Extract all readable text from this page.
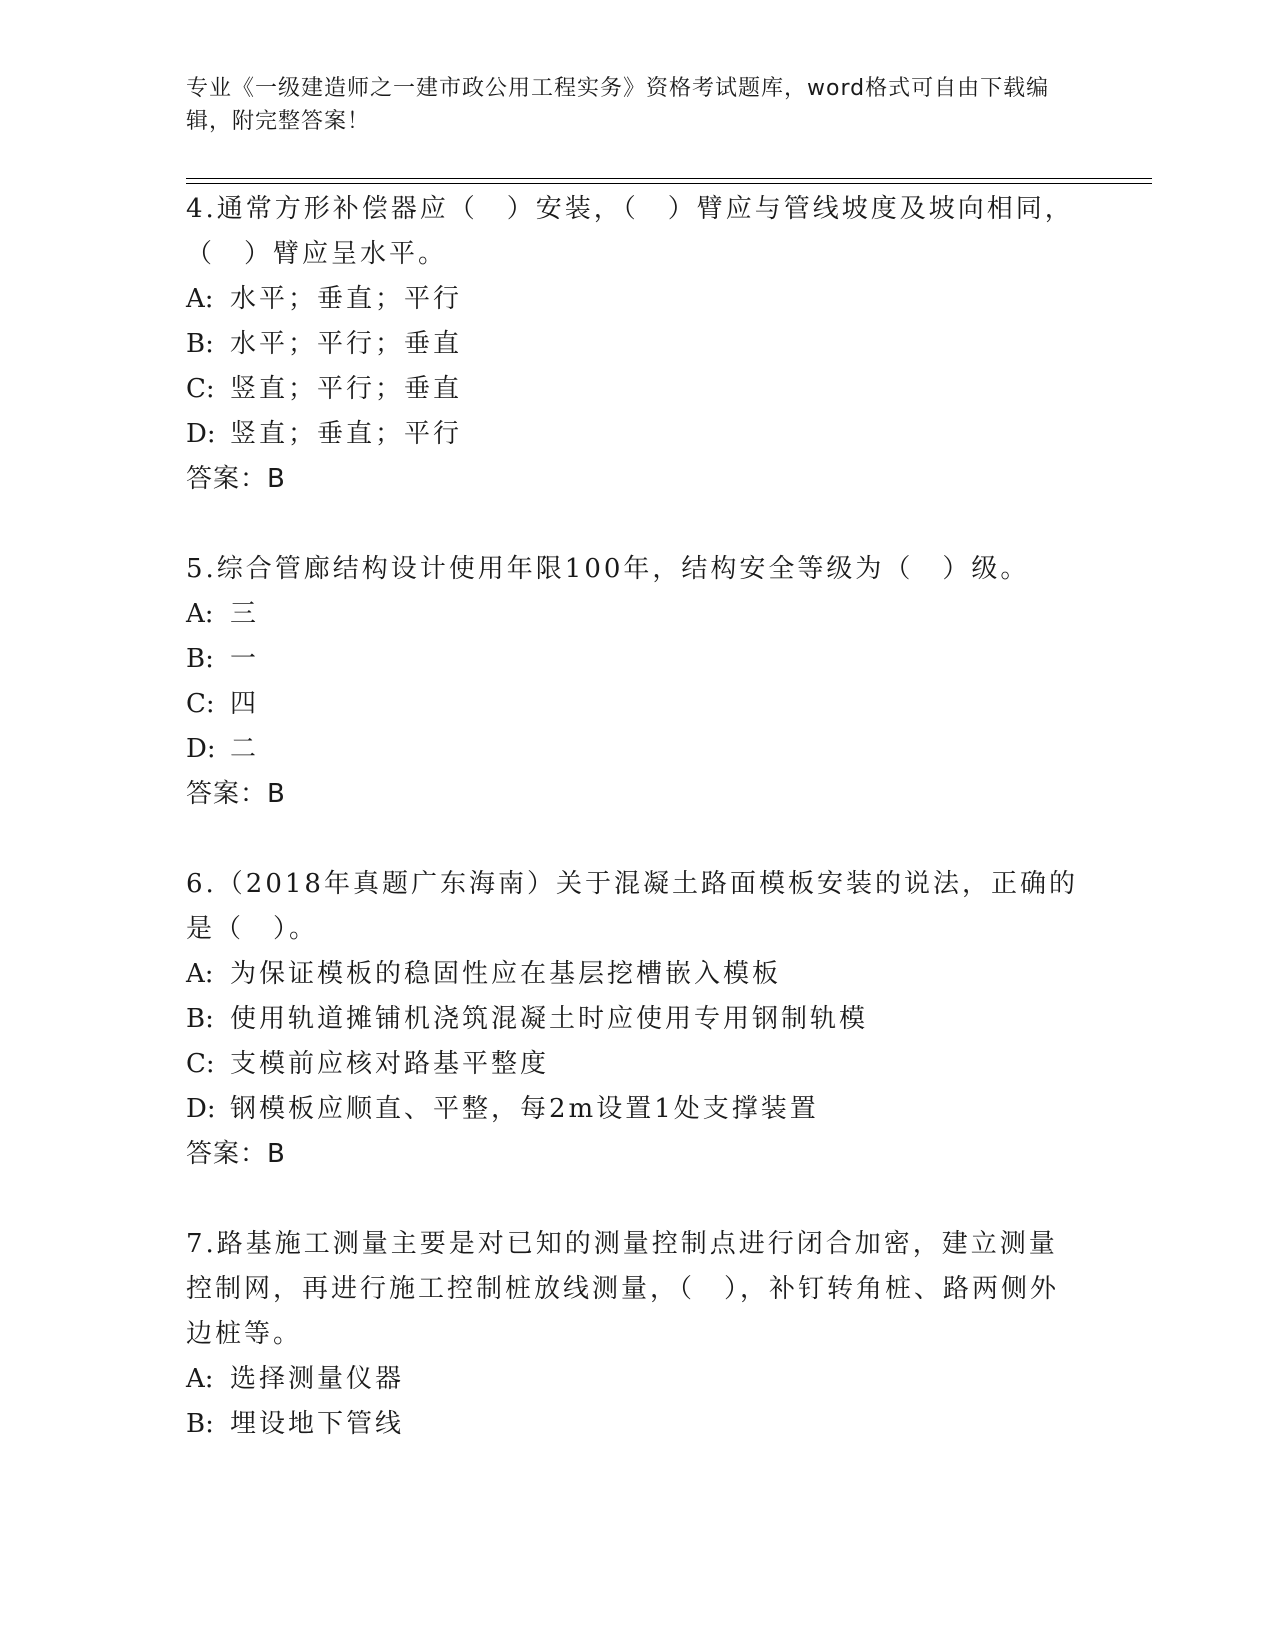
专业《一级建造师之一建市政公用工程实务》资格考试题库，word格式可自由下载编辑，附完整答案！
4.通常方形补偿器应（　）安装，（　）臂应与管线坡度及坡向相同，（　）臂应呈水平。
A: 水平；垂直；平行
B: 水平；平行；垂直
C: 竖直；平行；垂直
D: 竖直；垂直；平行
答案：B
5.综合管廊结构设计使用年限100年，结构安全等级为（　）级。
A: 三
B: 一
C: 四
D: 二
答案：B
6.（2018年真题广东海南）关于混凝土路面模板安装的说法，正确的是（　）。
A: 为保证模板的稳固性应在基层挖槽嵌入模板
B: 使用轨道摊铺机浇筑混凝土时应使用专用钢制轨模
C: 支模前应核对路基平整度
D: 钢模板应顺直、平整，每2m设置1处支撑装置
答案：B
7.路基施工测量主要是对已知的测量控制点进行闭合加密，建立测量控制网，再进行施工控制桩放线测量，（　），补钉转角桩、路两侧外边桩等。
A: 选择测量仪器
B: 埋设地下管线
